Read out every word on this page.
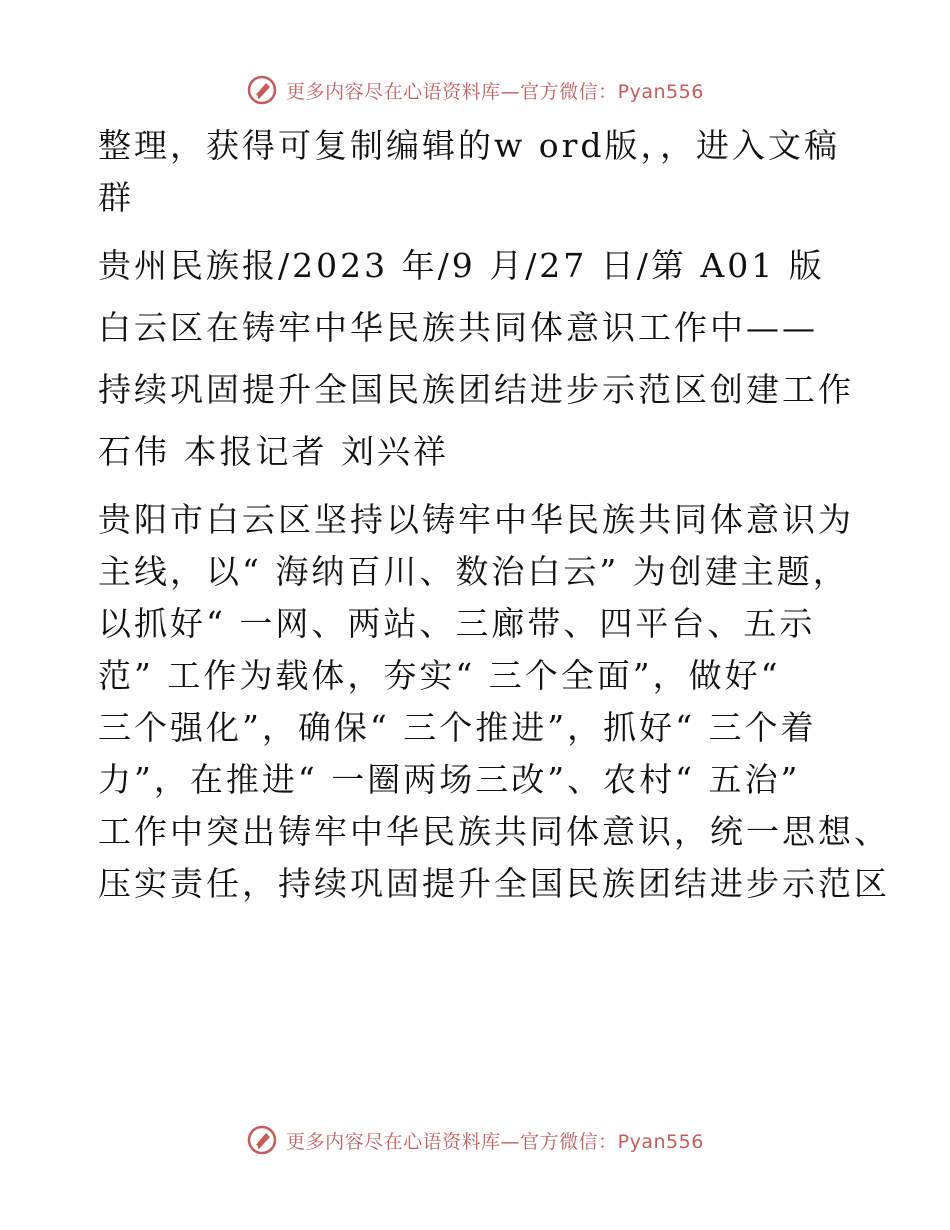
更多内容尽在心语资料库—官方微信：Pyan556
整理，获得可复制编辑的w ord版，，进入文稿
群
贵州民族报/2023 年/9 月/27 日/第 A01 版
白云区在铸牢中华民族共同体意识工作中——
持续巩固提升全国民族团结进步示范区创建工作
石伟 本报记者 刘兴祥
贵阳市白云区坚持以铸牢中华民族共同体意识为
主线，以“ 海纳百川、数治白云” 为创建主题，
以抓好“ 一网、两站、三廊带、四平台、五示
范” 工作为载体，夯实“ 三个全面”，做好“
三个强化”，确保“ 三个推进”，抓好“ 三个着
力”，在推进“ 一圈两场三改”、农村“ 五治”
工作中突出铸牢中华民族共同体意识，统一思想、
压实责任，持续巩固提升全国民族团结进步示范区
更多内容尽在心语资料库—官方微信：Pyan556
